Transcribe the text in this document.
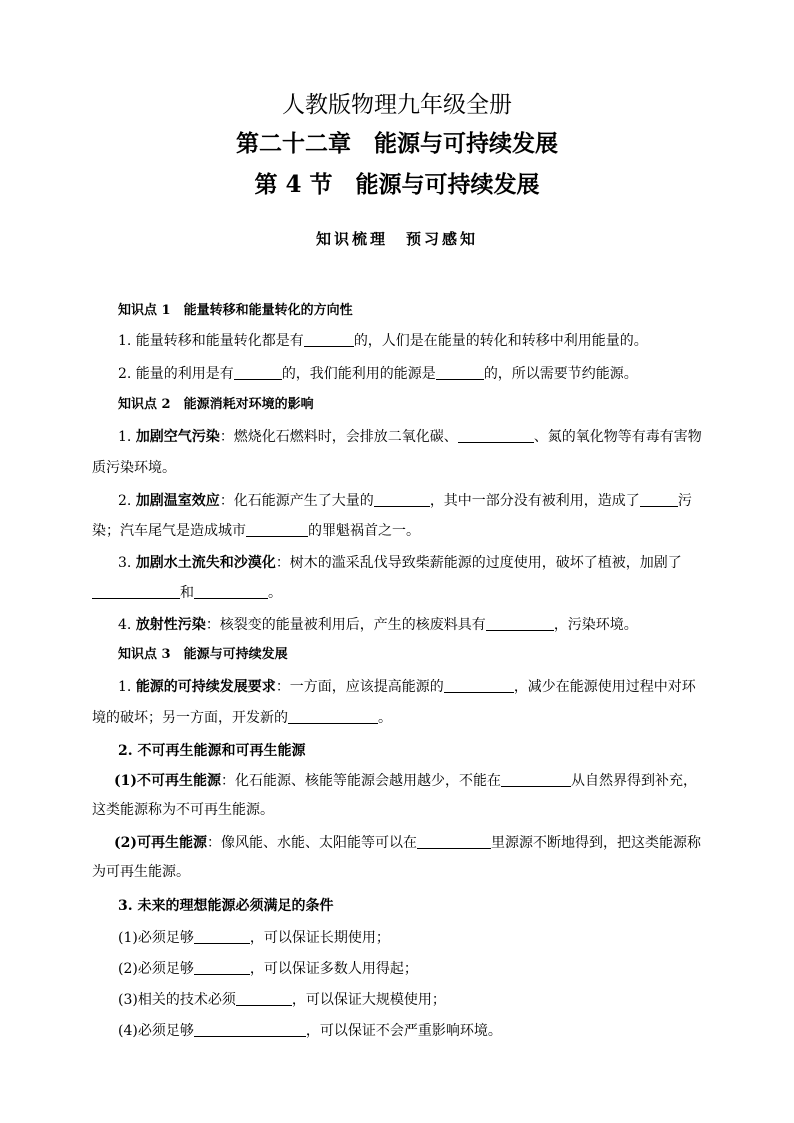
人教版物理九年级全册
第二十二章　能源与可持续发展
第 4 节　能源与可持续发展
知识梳理　预习感知
知识点 1　能量转移和能量转化的方向性
1. 能量转移和能量转化都是有	的，人们是在能量的转化和转移中利用能量的。
2. 能量的利用是有	的，我们能利用的能源是	的，所以需要节约能源。
知识点 2　能源消耗对环境的影响
1. 加剧空气污染：燃烧化石燃料时，会排放二氧化碳、	、氮的氧化物等有毒有害物
质污染环境。
2. 加剧温室效应：化石能源产生了大量的	，其中一部分没有被利用，造成了	污
染；汽车尾气是造成城市	的罪魁祸首之一。
3. 加剧水土流失和沙漠化：树木的滥采乱伐导致柴薪能源的过度使用，破坏了植被，加剧了
和	。
4. 放射性污染：核裂变的能量被利用后，产生的核废料具有	，污染环境。
知识点 3　能源与可持续发展
1. 能源的可持续发展要求：一方面，应该提高能源的	，减少在能源使用过程中对环
境的破坏；另一方面，开发新的	。
2. 不可再生能源和可再生能源
(1)不可再生能源：化石能源、核能等能源会越用越少，不能在	从自然界得到补充，
这类能源称为不可再生能源。
(2)可再生能源：像风能、水能、太阳能等可以在	里源源不断地得到，把这类能源称
为可再生能源。
3. 未来的理想能源必须满足的条件
(1)必须足够	，可以保证长期使用；
(2)必须足够	，可以保证多数人用得起；
(3)相关的技术必须	，可以保证大规模使用；
(4)必须足够	，可以保证不会严重影响环境。
